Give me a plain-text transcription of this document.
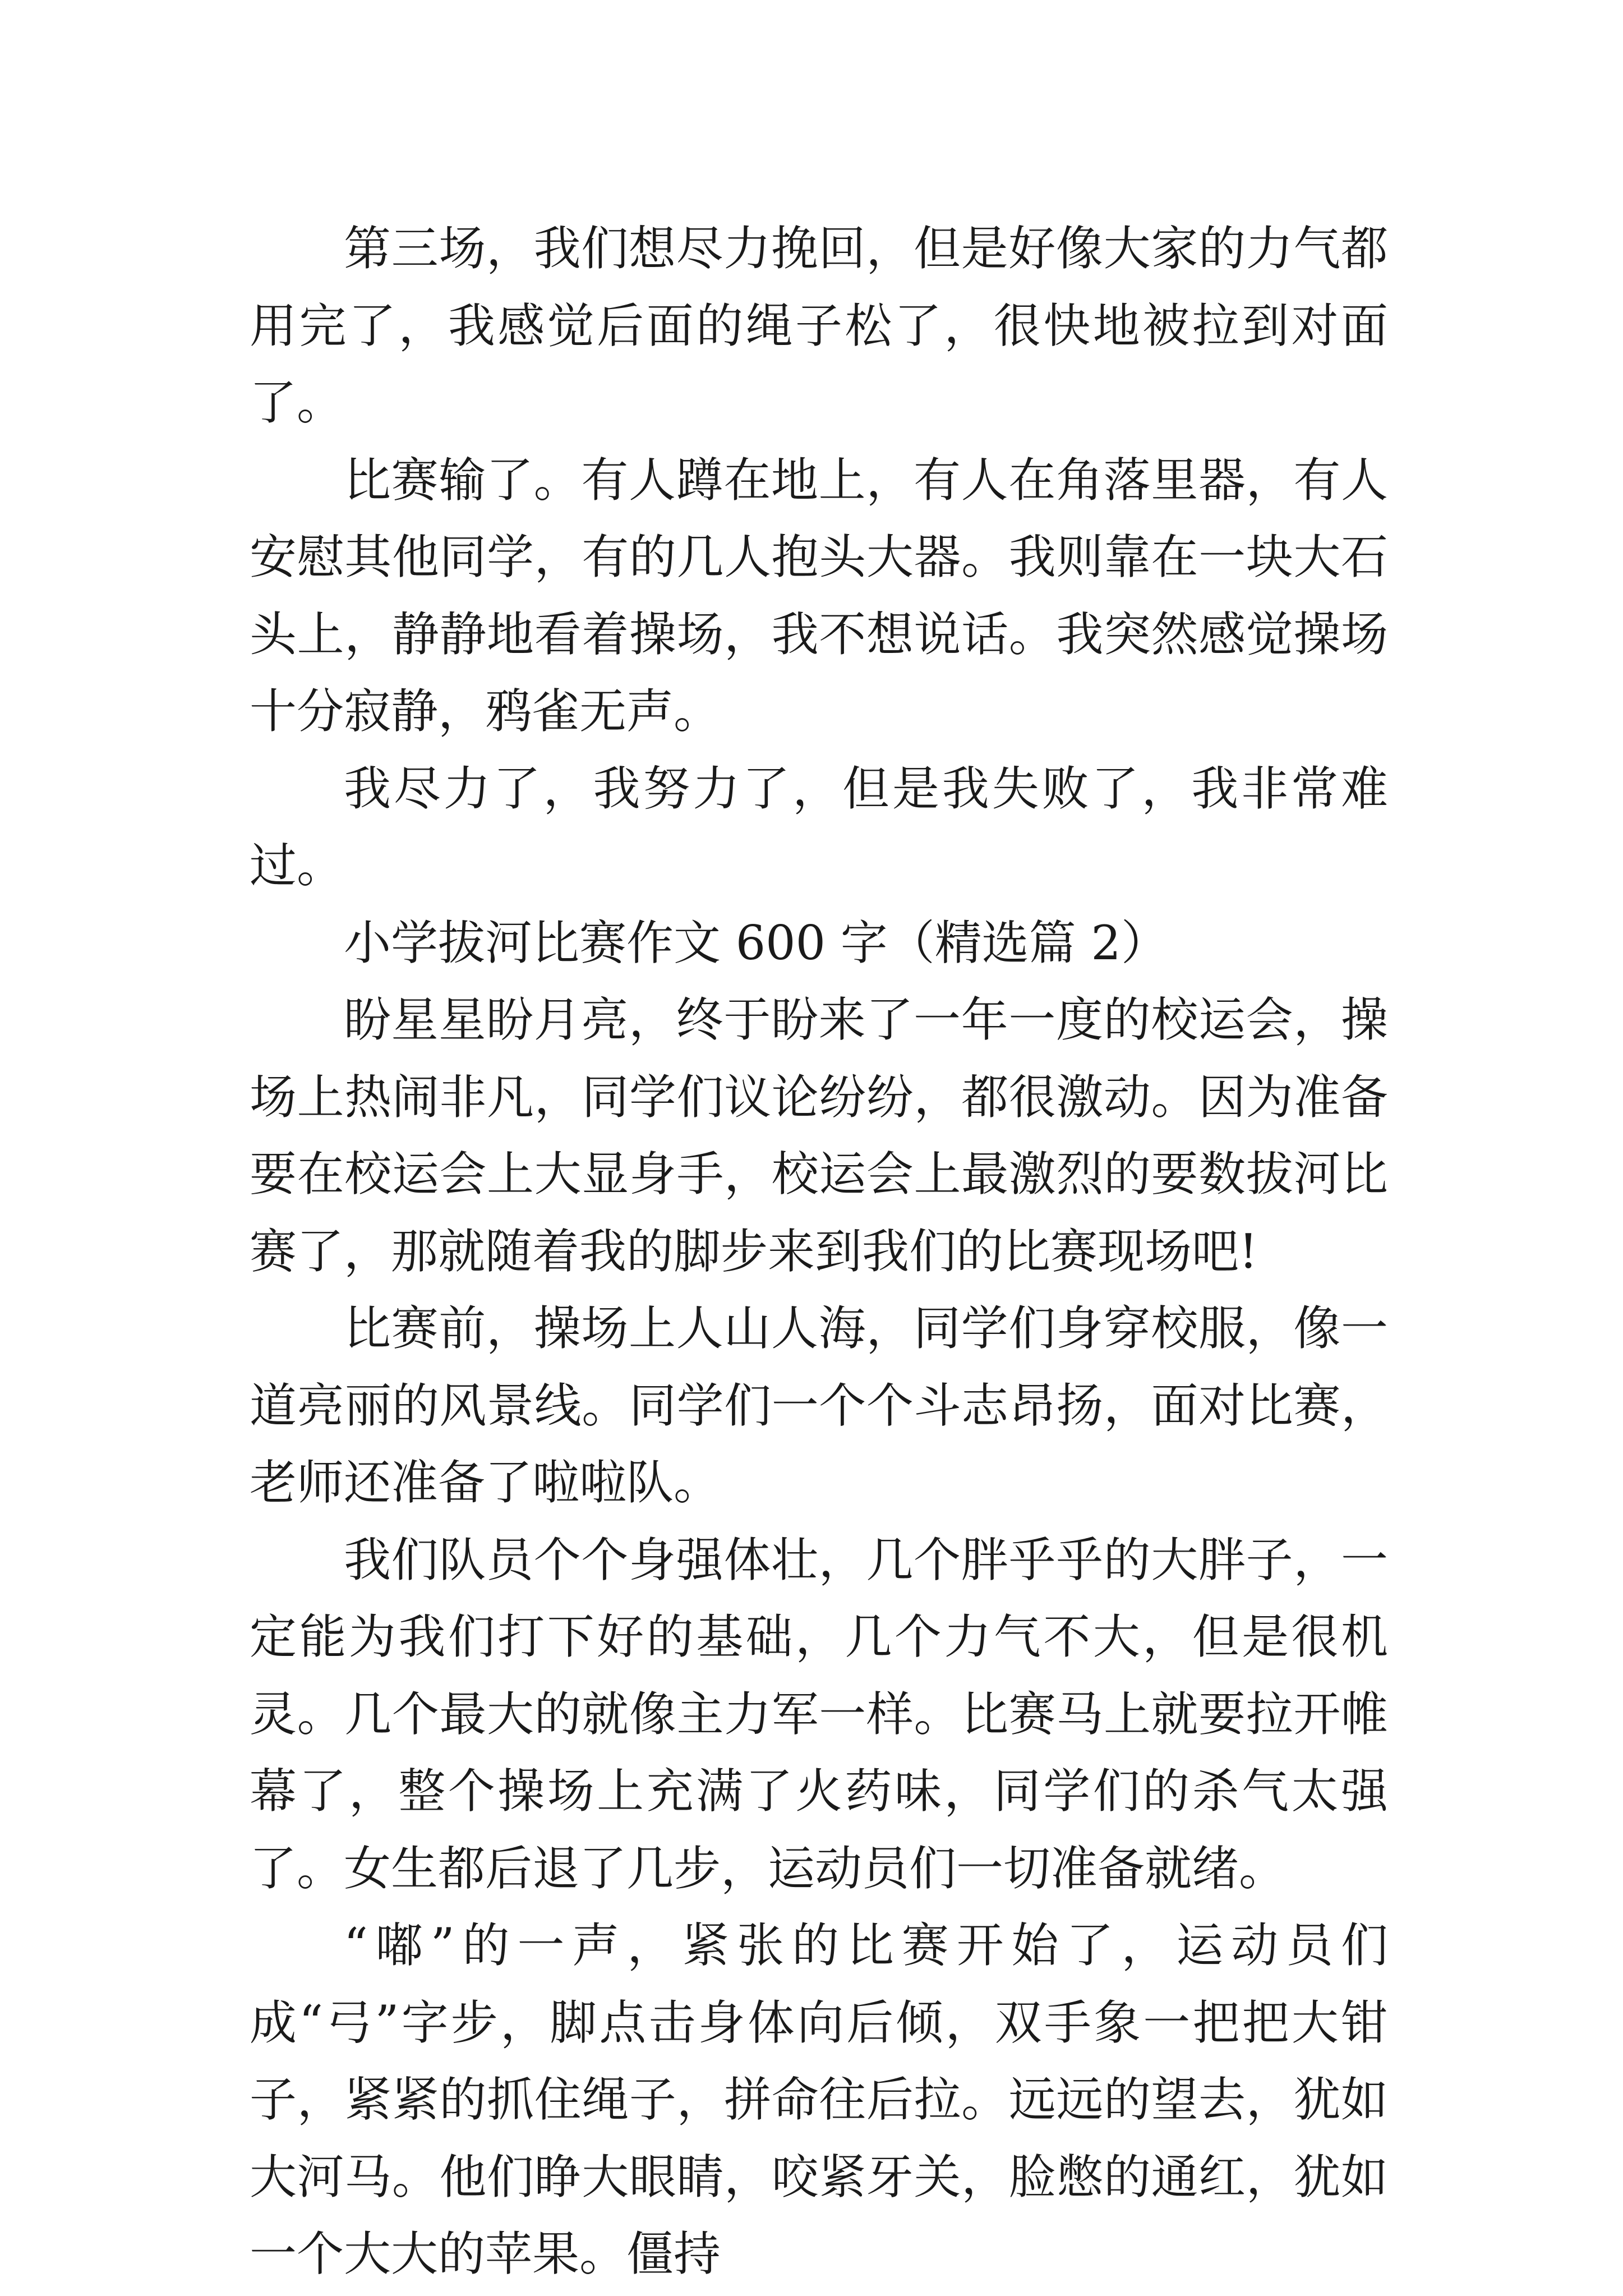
第三场，我们想尽力挽回，但是好像大家的力气都用完了，我感觉后面的绳子松了，很快地被拉到对面了。

比赛输了。有人蹲在地上，有人在角落里器，有人安慰其他同学，有的几人抱头大器。我则靠在一块大石头上，静静地看着操场，我不想说话。我突然感觉操场十分寂静，鸦雀无声。

我尽力了，我努力了，但是我失败了，我非常难过。

小学拔河比赛作文 600 字（精选篇 2）

盼星星盼月亮，终于盼来了一年一度的校运会，操场上热闹非凡，同学们议论纷纷，都很激动。因为准备要在校运会上大显身手，校运会上最激烈的要数拔河比赛了，那就随着我的脚步来到我们的比赛现场吧!

比赛前，操场上人山人海，同学们身穿校服，像一道亮丽的风景线。同学们一个个斗志昂扬，面对比赛，老师还准备了啦啦队。

我们队员个个身强体壮，几个胖乎乎的大胖子，一定能为我们打下好的基础，几个力气不大，但是很机灵。几个最大的就像主力军一样。比赛马上就要拉开帷幕了，整个操场上充满了火药味，同学们的杀气太强了。女生都后退了几步，运动员们一切准备就绪。

“嘟”的一声，紧张的比赛开始了，运动员们成“弓”字步，脚点击身体向后倾，双手象一把把大钳子，紧紧的抓住绳子，拼命往后拉。远远的望去，犹如大河马。他们睁大眼睛，咬紧牙关，脸憋的通红，犹如一个大大的苹果。僵持
